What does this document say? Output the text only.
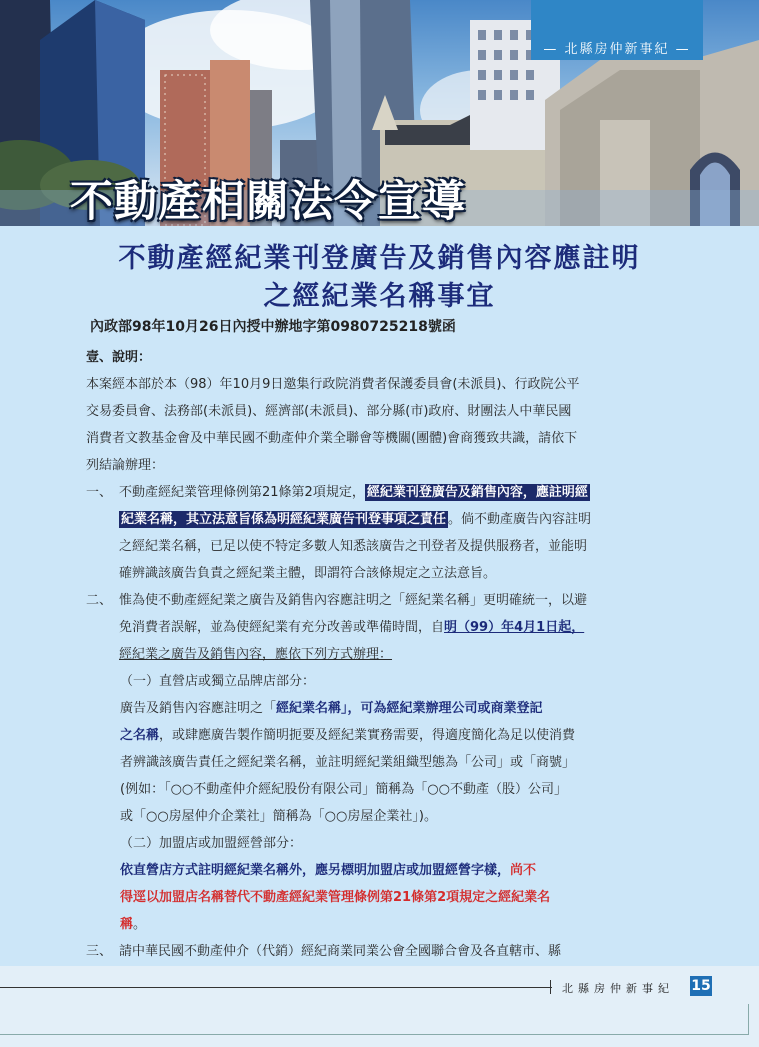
— 北縣房仲新事紀 —
不動產相關法令宣導
不動產經紀業刊登廣告及銷售內容應註明
之經紀業名稱事宜
內政部98年10月26日內授中辦地字第0980725218號函

壹、說明：

本案經本部於本（98）年10月9日邀集行政院消費者保護委員會(未派員)、行政院公平

交易委員會、法務部(未派員)、經濟部(未派員)、部分縣(市)政府、財團法人中華民國

消費者文教基金會及中華民國不動產仲介業全聯會等機關(團體)會商獲致共識，請依下

列結論辦理：

一、 不動產經紀業管理條例第21條第2項規定， 經紀業刊登廣告及銷售內容，應註明經
紀業名稱，其立法意旨係為明經紀業廣告刊登事項之責任 。倘不動產廣告內容註明
之經紀業名稱，已足以使不特定多數人知悉該廣告之刊登者及提供服務者，並能明
確辨識該廣告負責之經紀業主體，即謂符合該條規定之立法意旨。
二、 惟為使不動產經紀業之廣告及銷售內容應註明之「經紀業名稱」更明確統一，以避
免消費者誤解，並為使經紀業有充分改善或準備時間，自明（99）年4月1日起，
經紀業之廣告及銷售內容，應依下列方式辦理：

（一）直營店或獨立品牌店部分：

廣告及銷售內容應註明之「經紀業名稱」，可為經紀業辦理公司或商業登記
之名稱，或肆應廣告製作簡明扼要及經紀業實務需要，得適度簡化為足以使消費
者辨識該廣告責任之經紀業名稱，並註明經紀業組織型態為「公司」或「商號」
(例如：「○○不動產仲介經紀股份有限公司」簡稱為「○○不動產（股）公司」
或「○○房屋仲介企業社」簡稱為「○○房屋企業社」)。

（二）加盟店或加盟經營部分：

依直營店方式註明經紀業名稱外，應另標明加盟店或加盟經營字樣，尚不
得逕以加盟店名稱替代不動產經紀業管理條例第21條第2項規定之經紀業名
稱。
三、 請中華民國不動產仲介（代銷）經紀商業同業公會全國聯合會及各直轄市、縣
北縣房仲新事紀 15
